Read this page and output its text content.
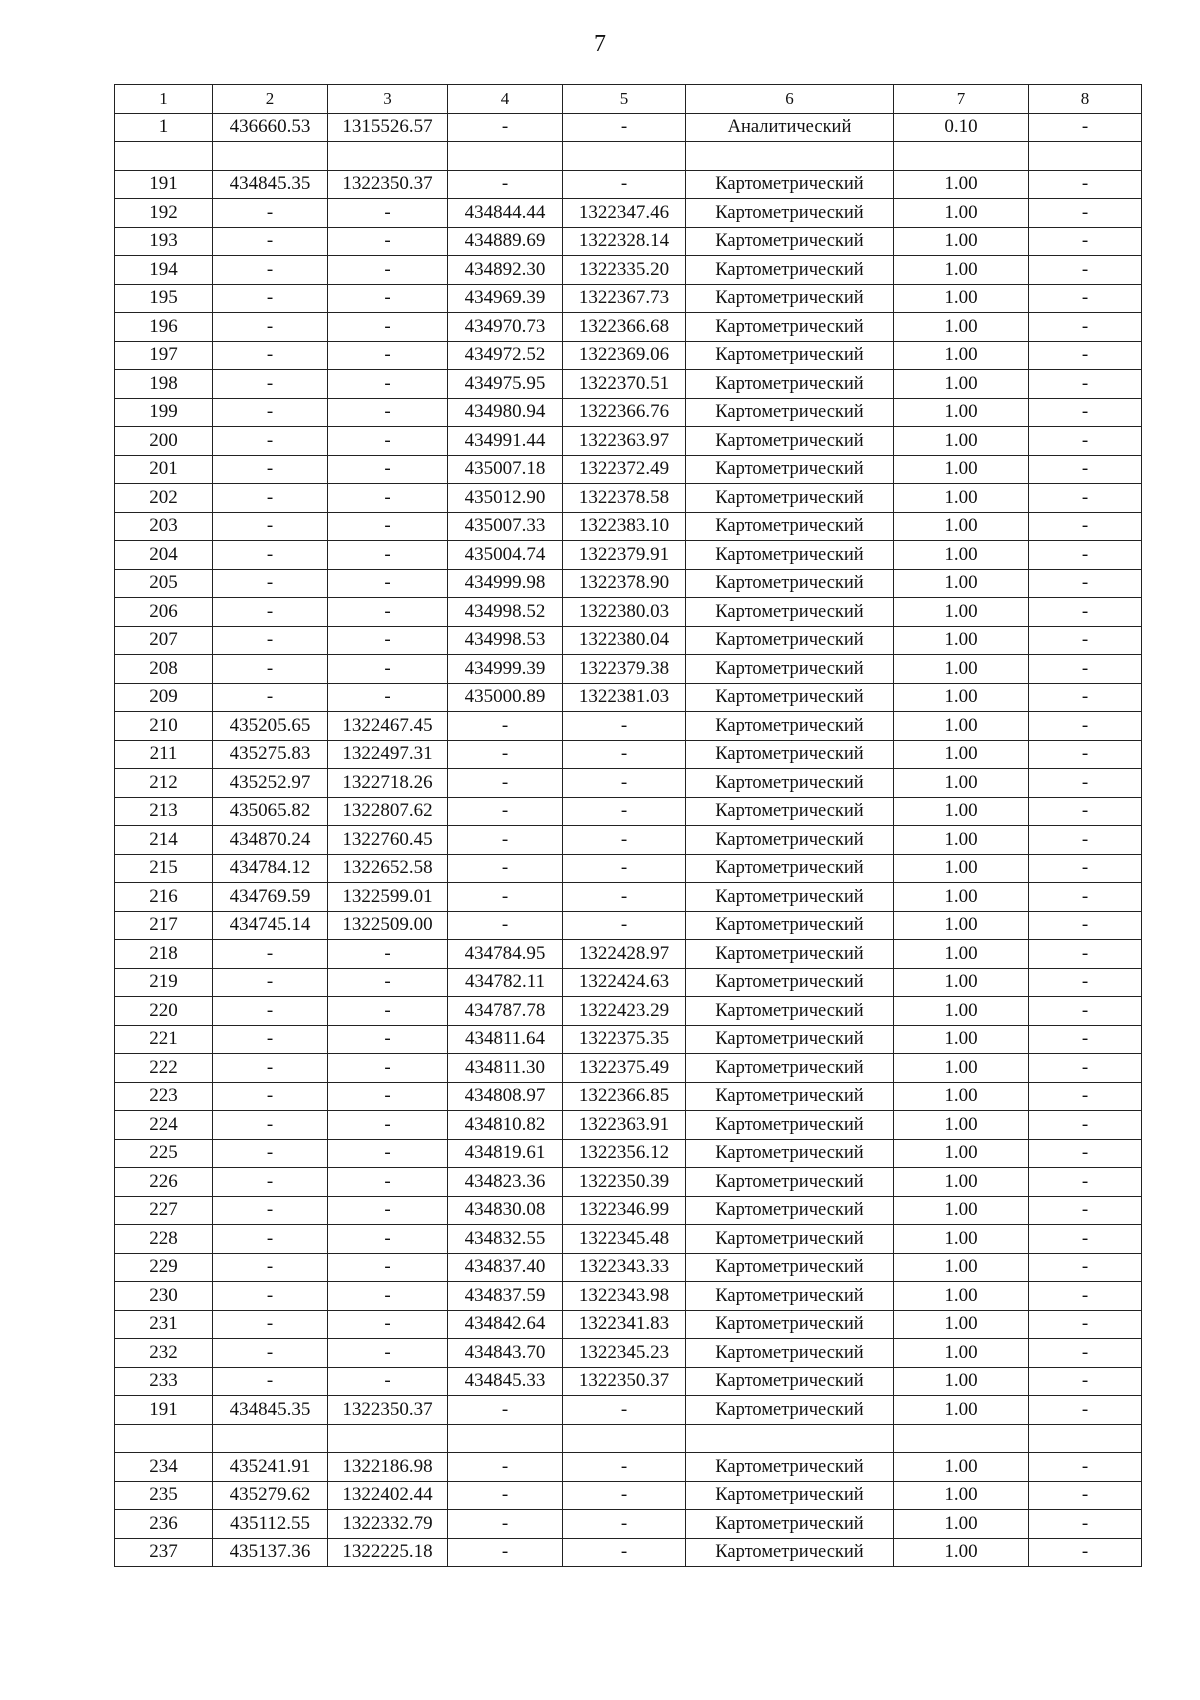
7
1	2	3	4	5	6	7	8
1	436660.53	1315526.57	-	-	Аналитический	0.10	-

191	434845.35	1322350.37	-	-	Картометрический	1.00	-
192	-	-	434844.44	1322347.46	Картометрический	1.00	-
193	-	-	434889.69	1322328.14	Картометрический	1.00	-
194	-	-	434892.30	1322335.20	Картометрический	1.00	-
195	-	-	434969.39	1322367.73	Картометрический	1.00	-
196	-	-	434970.73	1322366.68	Картометрический	1.00	-
197	-	-	434972.52	1322369.06	Картометрический	1.00	-
198	-	-	434975.95	1322370.51	Картометрический	1.00	-
199	-	-	434980.94	1322366.76	Картометрический	1.00	-
200	-	-	434991.44	1322363.97	Картометрический	1.00	-
201	-	-	435007.18	1322372.49	Картометрический	1.00	-
202	-	-	435012.90	1322378.58	Картометрический	1.00	-
203	-	-	435007.33	1322383.10	Картометрический	1.00	-
204	-	-	435004.74	1322379.91	Картометрический	1.00	-
205	-	-	434999.98	1322378.90	Картометрический	1.00	-
206	-	-	434998.52	1322380.03	Картометрический	1.00	-
207	-	-	434998.53	1322380.04	Картометрический	1.00	-
208	-	-	434999.39	1322379.38	Картометрический	1.00	-
209	-	-	435000.89	1322381.03	Картометрический	1.00	-
210	435205.65	1322467.45	-	-	Картометрический	1.00	-
211	435275.83	1322497.31	-	-	Картометрический	1.00	-
212	435252.97	1322718.26	-	-	Картометрический	1.00	-
213	435065.82	1322807.62	-	-	Картометрический	1.00	-
214	434870.24	1322760.45	-	-	Картометрический	1.00	-
215	434784.12	1322652.58	-	-	Картометрический	1.00	-
216	434769.59	1322599.01	-	-	Картометрический	1.00	-
217	434745.14	1322509.00	-	-	Картометрический	1.00	-
218	-	-	434784.95	1322428.97	Картометрический	1.00	-
219	-	-	434782.11	1322424.63	Картометрический	1.00	-
220	-	-	434787.78	1322423.29	Картометрический	1.00	-
221	-	-	434811.64	1322375.35	Картометрический	1.00	-
222	-	-	434811.30	1322375.49	Картометрический	1.00	-
223	-	-	434808.97	1322366.85	Картометрический	1.00	-
224	-	-	434810.82	1322363.91	Картометрический	1.00	-
225	-	-	434819.61	1322356.12	Картометрический	1.00	-
226	-	-	434823.36	1322350.39	Картометрический	1.00	-
227	-	-	434830.08	1322346.99	Картометрический	1.00	-
228	-	-	434832.55	1322345.48	Картометрический	1.00	-
229	-	-	434837.40	1322343.33	Картометрический	1.00	-
230	-	-	434837.59	1322343.98	Картометрический	1.00	-
231	-	-	434842.64	1322341.83	Картометрический	1.00	-
232	-	-	434843.70	1322345.23	Картометрический	1.00	-
233	-	-	434845.33	1322350.37	Картометрический	1.00	-
191	434845.35	1322350.37	-	-	Картометрический	1.00	-

234	435241.91	1322186.98	-	-	Картометрический	1.00	-
235	435279.62	1322402.44	-	-	Картометрический	1.00	-
236	435112.55	1322332.79	-	-	Картометрический	1.00	-
237	435137.36	1322225.18	-	-	Картометрический	1.00	-
